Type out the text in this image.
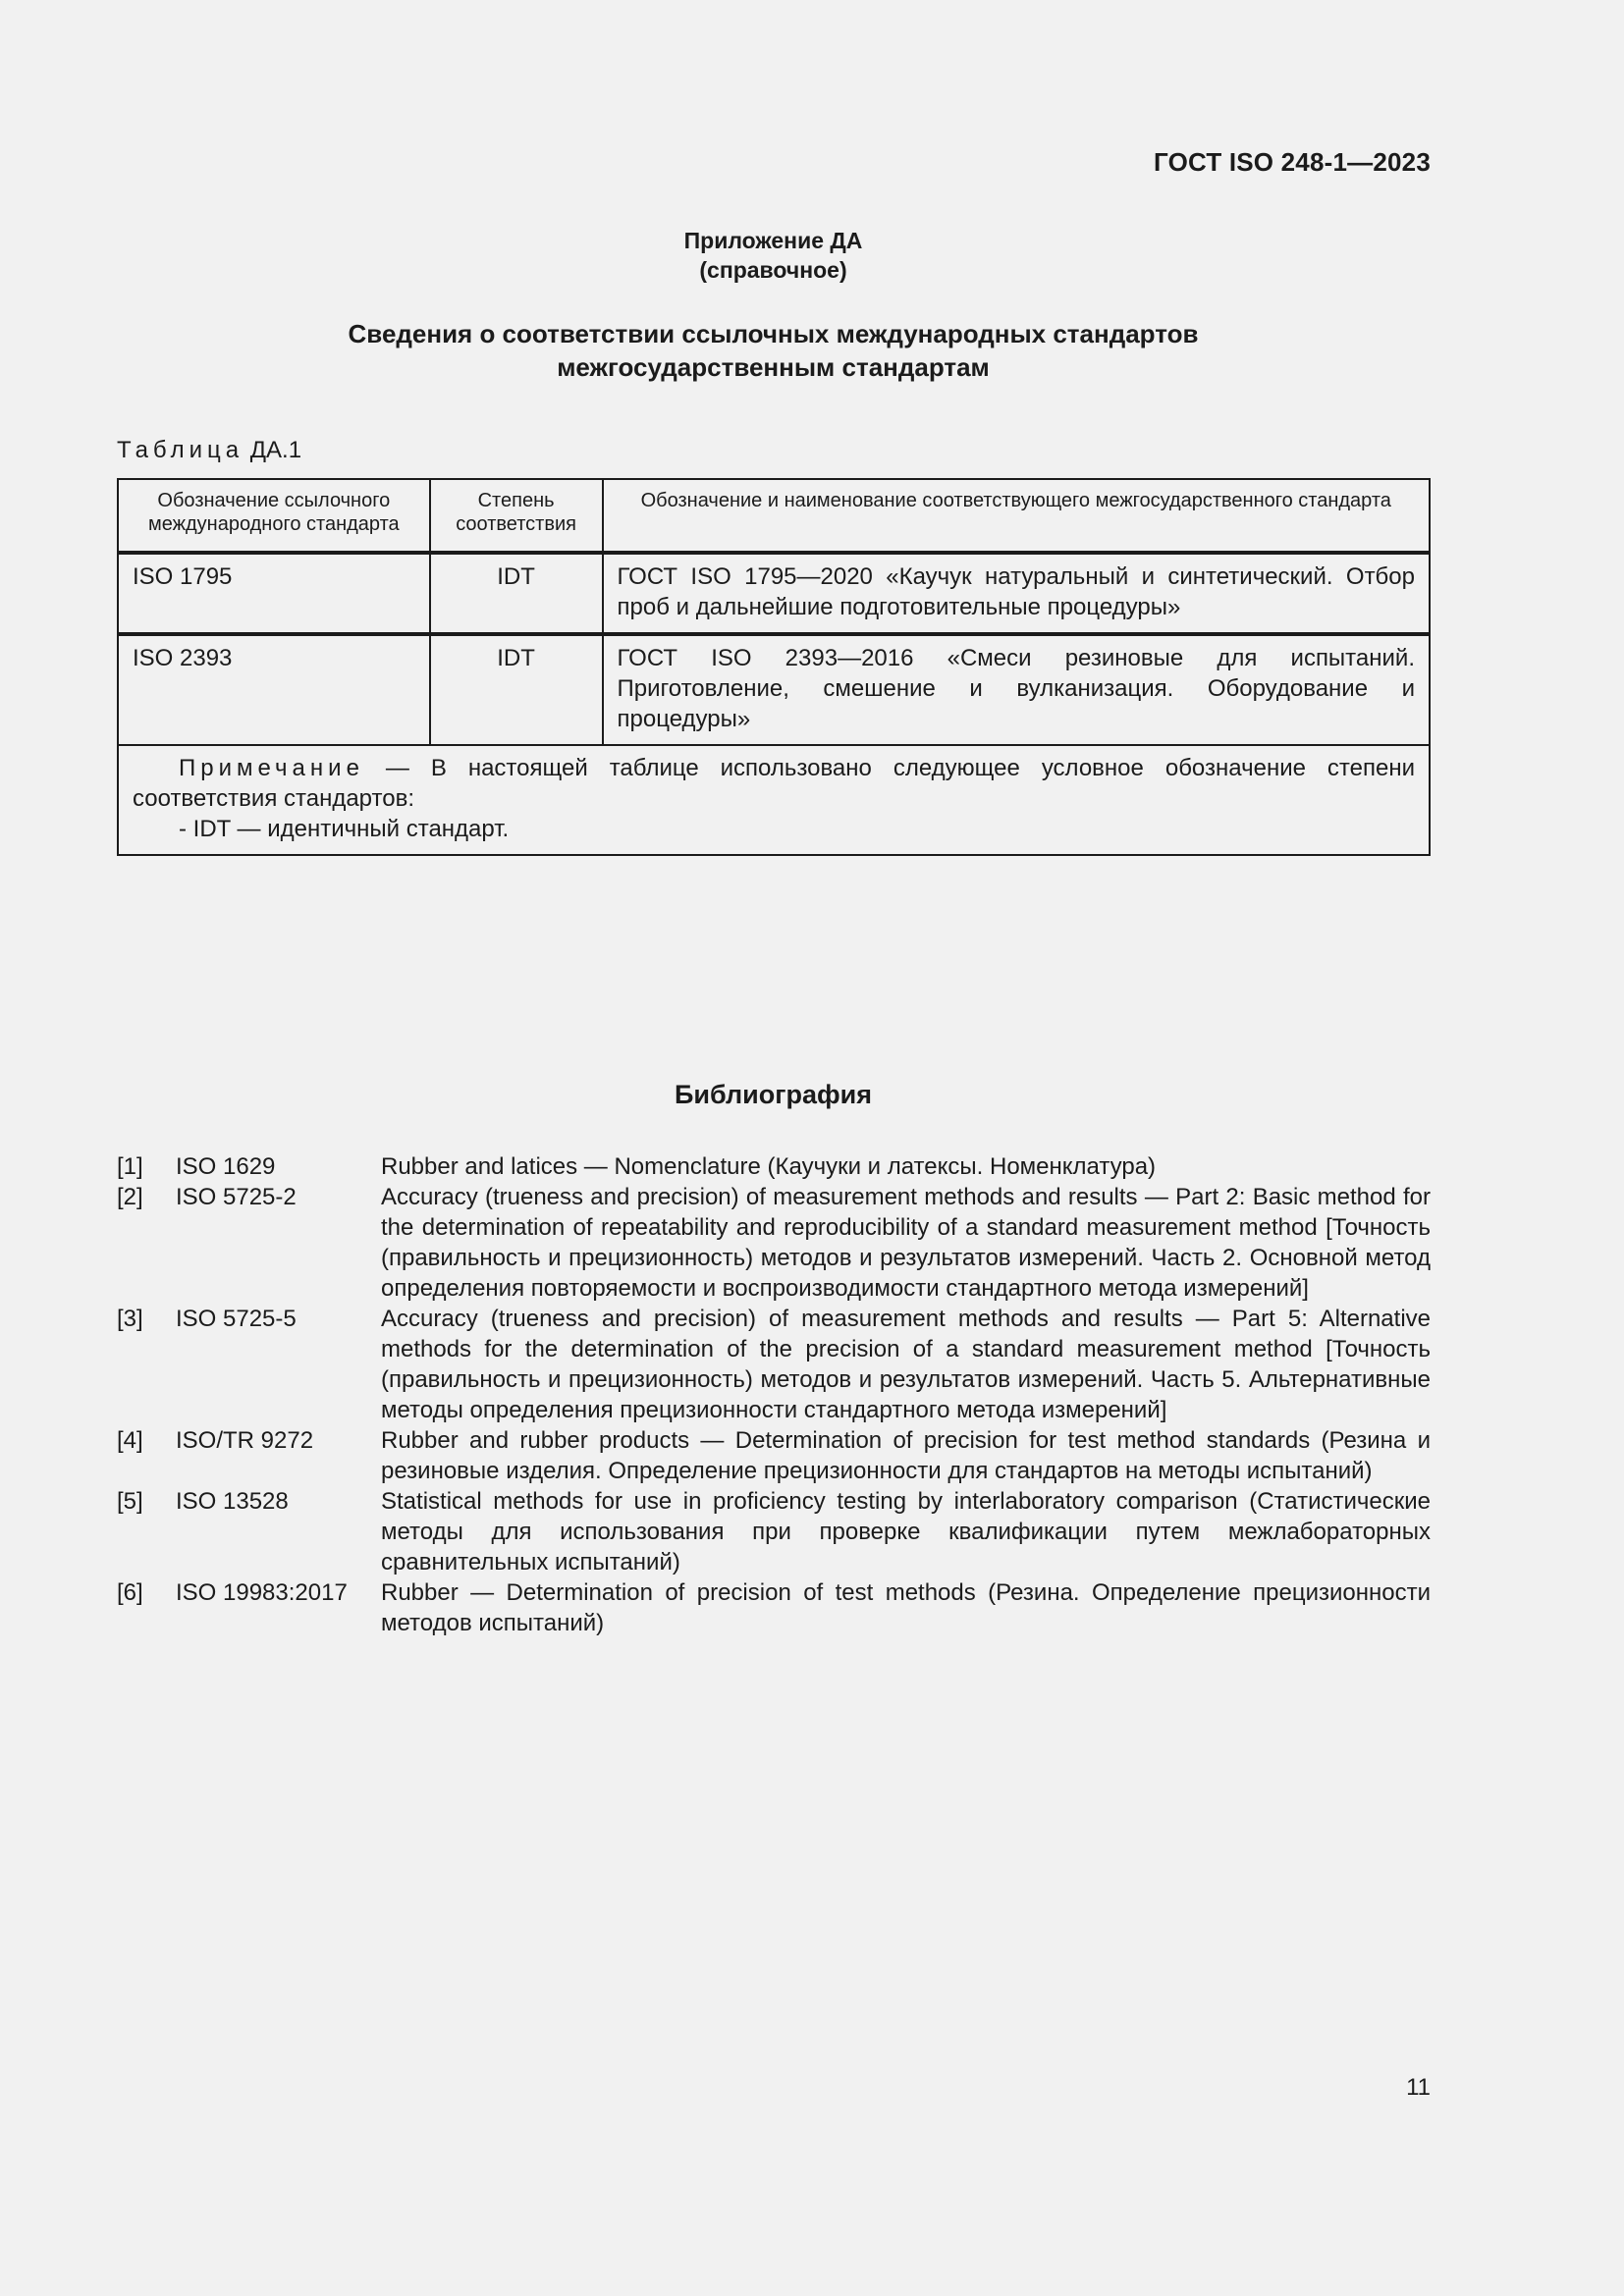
ГОСТ ISO 248-1—2023
Приложение ДА
(справочное)
Сведения о соответствии ссылочных международных стандартов
межгосударственным стандартам
Таблица ДА.1
Обозначение ссылочного международного стандарта	Степень соответствия	Обозначение и наименование соответствующего межгосударственного стандарта
ISO 1795	IDT	ГОСТ ISO 1795—2020 «Каучук натуральный и синтетический. Отбор проб и дальнейшие подготовительные процедуры»
ISO 2393	IDT	ГОСТ ISO 2393—2016 «Смеси резиновые для испытаний. Приготовление, смешение и вулканизация. Оборудование и процедуры»
Примечание — В настоящей таблице использовано следующее условное обозначение степени соответствия стандартов:
- IDT — идентичный стандарт.		
Библиография
[1] ISO 1629	Rubber and latices — Nomenclature (Каучуки и латексы. Номенклатура)
[2] ISO 5725-2	Accuracy (trueness and precision) of measurement methods and results — Part 2: Basic method for the determination of repeatability and reproducibility of a standard measurement method [Точность (правильность и прецизионность) методов и результатов измерений. Часть 2. Основной метод определения повторяемости и воспроизводимости стандартного метода измерений]
[3] ISO 5725-5	Accuracy (trueness and precision) of measurement methods and results — Part 5: Alternative methods for the determination of the precision of a standard measurement method [Точность (правильность и прецизионность) методов и результатов измерений. Часть 5. Альтернативные методы определения прецизионности стандартного метода измерений]
[4] ISO/TR 9272	Rubber and rubber products — Determination of precision for test method standards (Резина и резиновые изделия. Определение прецизионности для стандартов на методы испытаний)
[5] ISO 13528	Statistical methods for use in proficiency testing by interlaboratory comparison (Статистические методы для использования при проверке квалификации путем межлабораторных сравнительных испытаний)
[6] ISO 19983:2017 Rubber — Determination of precision of test methods (Резина. Определение прецизионности методов испытаний)
11
